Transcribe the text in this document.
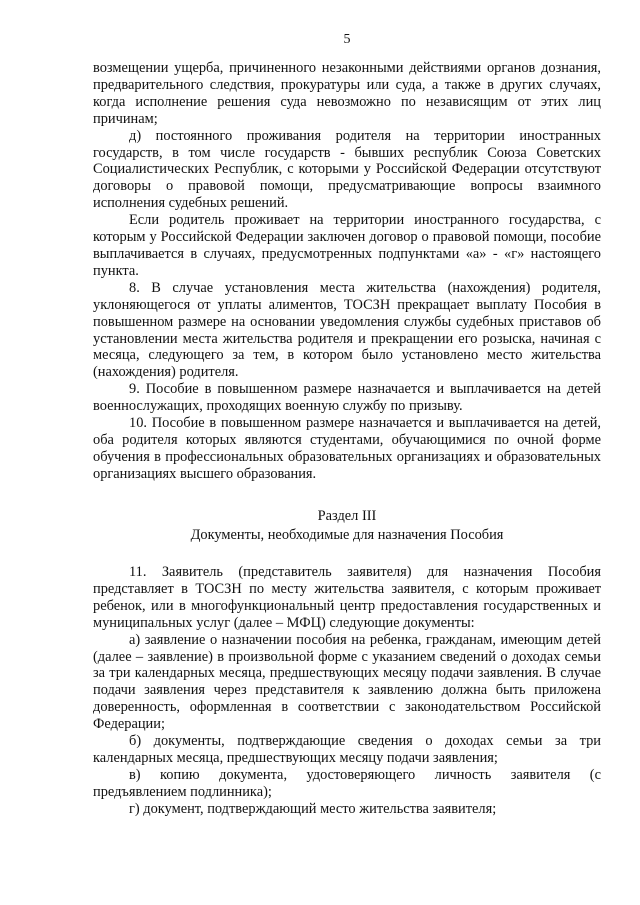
5

возмещении ущерба, причиненного незаконными действиями органов дознания, предварительного следствия, прокуратуры или суда, а также в других случаях, когда исполнение решения суда невозможно по независящим от этих лиц причинам;

д) постоянного проживания родителя на территории иностранных государств, в том числе государств - бывших республик Союза Советских Социалистических Республик, с которыми у Российской Федерации отсутствуют договоры о правовой помощи, предусматривающие вопросы взаимного исполнения судебных решений.

Если родитель проживает на территории иностранного государства, с которым у Российской Федерации заключен договор о правовой помощи, пособие выплачивается в случаях, предусмотренных подпунктами «а» - «г» настоящего пункта.

8. В случае установления места жительства (нахождения) родителя, уклоняющегося от уплаты алиментов, ТОСЗН прекращает выплату Пособия в повышенном размере на основании уведомления службы судебных приставов об установлении места жительства родителя и прекращении его розыска, начиная с месяца, следующего за тем, в котором было установлено место жительства (нахождения) родителя.

9. Пособие в повышенном размере назначается и выплачивается на детей военнослужащих, проходящих военную службу по призыву.

10. Пособие в повышенном размере назначается и выплачивается на детей, оба родителя которых являются студентами, обучающимися по очной форме обучения в профессиональных образовательных организациях и образовательных организациях высшего образования.

Раздел III
Документы, необходимые для назначения Пособия

11. Заявитель (представитель заявителя) для назначения Пособия представляет в ТОСЗН по месту жительства заявителя, с которым проживает ребенок, или в многофункциональный центр предоставления государственных и муниципальных услуг (далее – МФЦ) следующие документы:

а) заявление о назначении пособия на ребенка, гражданам, имеющим детей (далее – заявление) в произвольной форме с указанием сведений о доходах семьи за три календарных месяца, предшествующих месяцу подачи заявления. В случае подачи заявления через представителя к заявлению должна быть приложена доверенность, оформленная в соответствии с законодательством Российской Федерации;

б) документы, подтверждающие сведения о доходах семьи за три календарных месяца, предшествующих месяцу подачи заявления;

в) копию документа, удостоверяющего личность заявителя (с предъявлением подлинника);

г) документ, подтверждающий место жительства заявителя;
